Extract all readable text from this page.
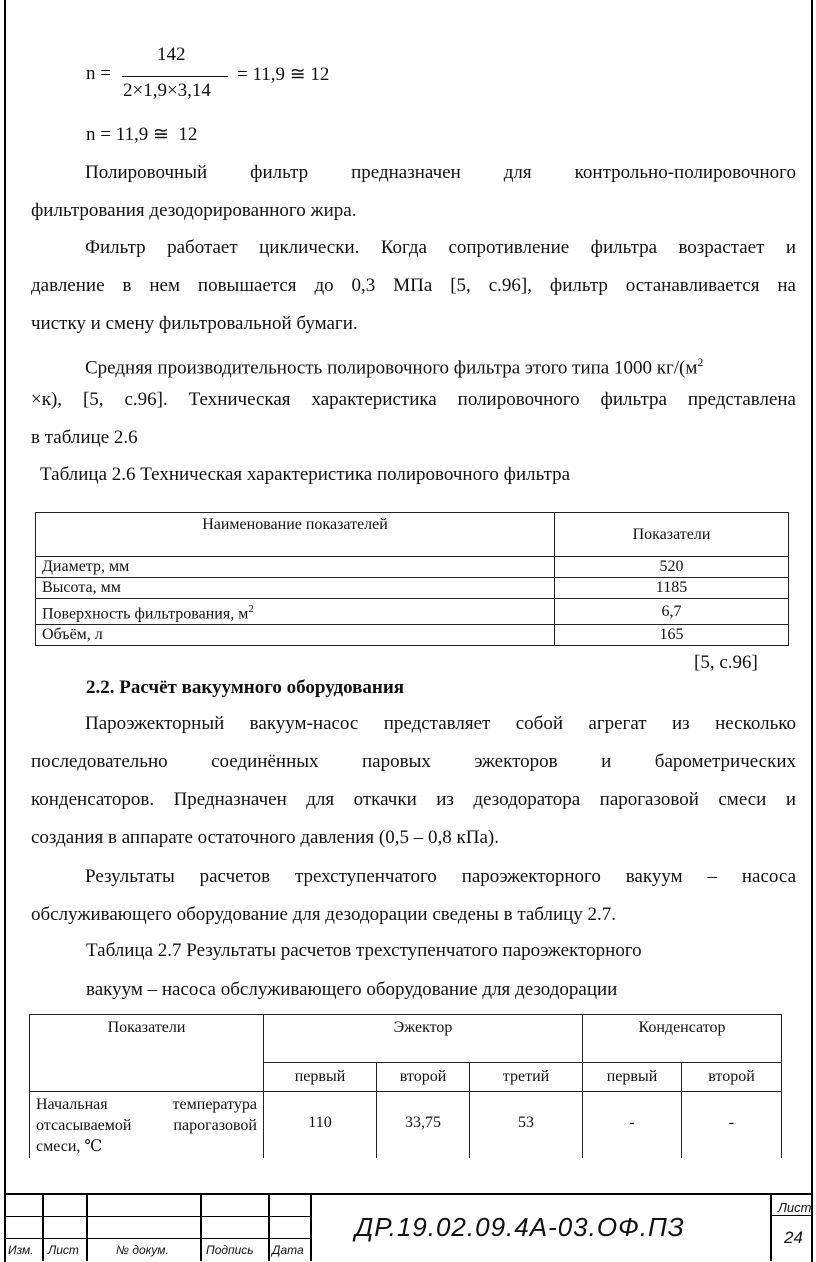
n =
142
2×1,9×3,14
= 11,9 ≅ 12
n = 11,9 ≅  12
Полировочный фильтр предназначен для контрольно-полировочного
фильтрования дезодорированного жира.
Фильтр работает циклически. Когда сопротивление фильтра возрастает и
давление в нем повышается до 0,3 МПа [5, с.96], фильтр останавливается на
чистку и смену фильтровальной бумаги.
Средняя производительность полировочного фильтра этого типа 1000 $кг/(м^2$
×к), [5, с.96]. Техническая характеристика полировочного фильтра представлена
в таблице 2.6
Таблица 2.6 Техническая характеристика полировочного фильтра
Наименование показателей	Показатели
Диаметр, мм	520
Высота, мм	1185
Поверхность фильтрования, $м^2$	6,7
Объём, л	165
[5, с.96]
2.2. Расчёт вакуумного оборудования
Пароэжекторный вакуум-насос представляет собой агрегат из несколько
последовательно соединённых паровых эжекторов и барометрических
конденсаторов. Предназначен для откачки из дезодоратора парогазовой смеси и
создания в аппарате остаточного давления (0,5 – 0,8 кПа).
Результаты расчетов трехступенчатого пароэжекторного вакуум – насоса
обслуживающего оборудование для дезодорации сведены в таблицу 2.7.
Таблица 2.7 Результаты расчетов трехступенчатого пароэжекторного
вакуум – насоса обслуживающего оборудование для дезодорации
Показатели	Эжектор			Конденсатор	
	первый	второй	третий	первый	второй

Начальная температура
отсасываемой парогазовой
смеси, ℃	110	33,75	53	-	-
Изм. Лист	№ докум.	Подпись Дата
ДР.19.02.09.4А-03.ОФ.ПЗ
Лист
24
